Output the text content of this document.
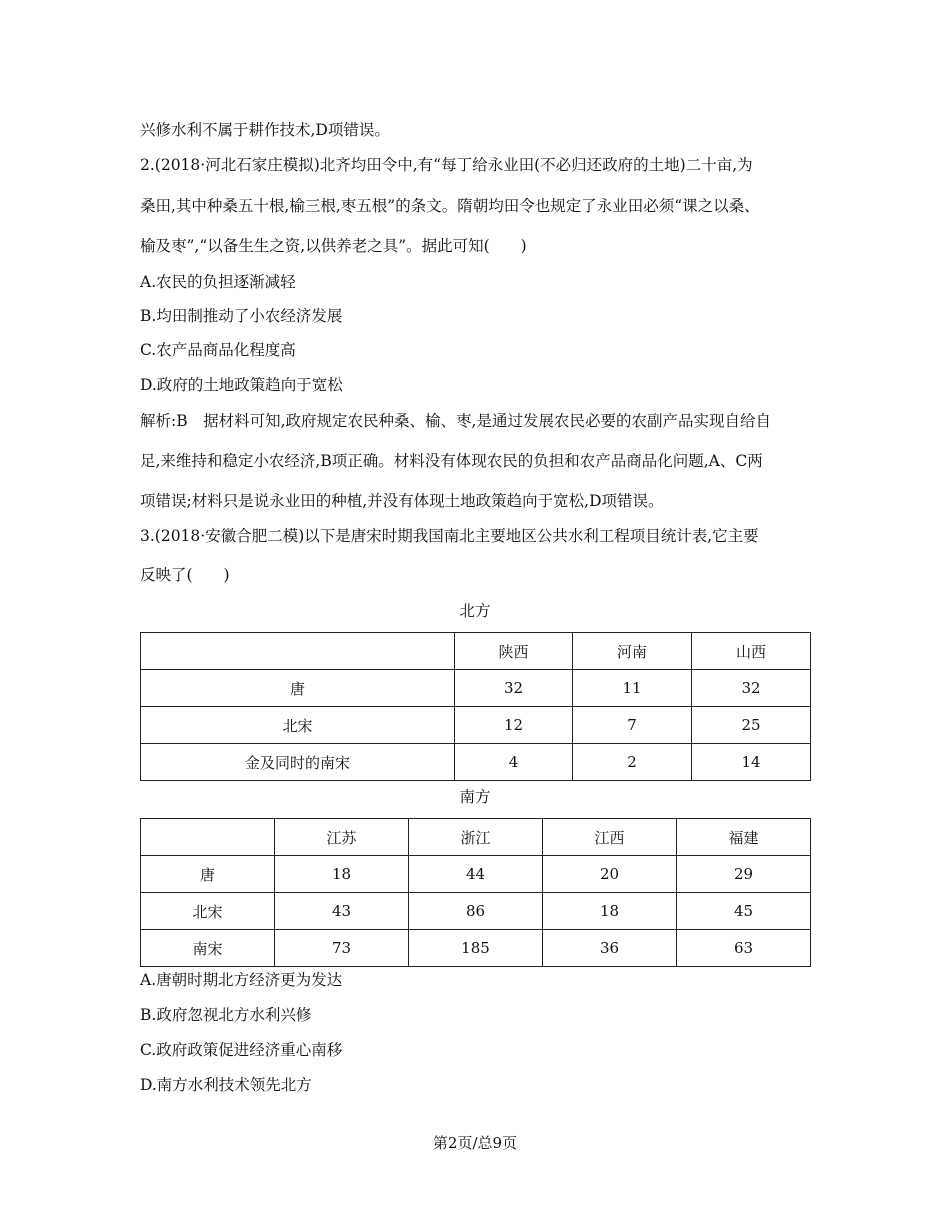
兴修水利不属于耕作技术,D项错误。
2.(2018·河北石家庄模拟)北齐均田令中,有“每丁给永业田(不必归还政府的土地)二十亩,为
桑田,其中种桑五十根,榆三根,枣五根”的条文。隋朝均田令也规定了永业田必须“课之以桑、
榆及枣”,“以备生生之资,以供养老之具”。据此可知(　　)
A.农民的负担逐渐减轻
B.均田制推动了小农经济发展
C.农产品商品化程度高
D.政府的土地政策趋向于宽松
解析:B　据材料可知,政府规定农民种桑、榆、枣,是通过发展农民必要的农副产品实现自给自
足,来维持和稳定小农经济,B项正确。材料没有体现农民的负担和农产品商品化问题,A、C两
项错误;材料只是说永业田的种植,并没有体现土地政策趋向于宽松,D项错误。
3.(2018·安徽合肥二模)以下是唐宋时期我国南北主要地区公共水利工程项目统计表,它主要
反映了(　　)
北方
	陕西	河南	山西
唐	32	11	32
北宋	12	7	25
金及同时的南宋	4	2	14
南方
	江苏	浙江	江西	福建
唐	18	44	20	29
北宋	43	86	18	45
南宋	73	185	36	63
A.唐朝时期北方经济更为发达
B.政府忽视北方水利兴修
C.政府政策促进经济重心南移
D.南方水利技术领先北方
第2页/总9页
